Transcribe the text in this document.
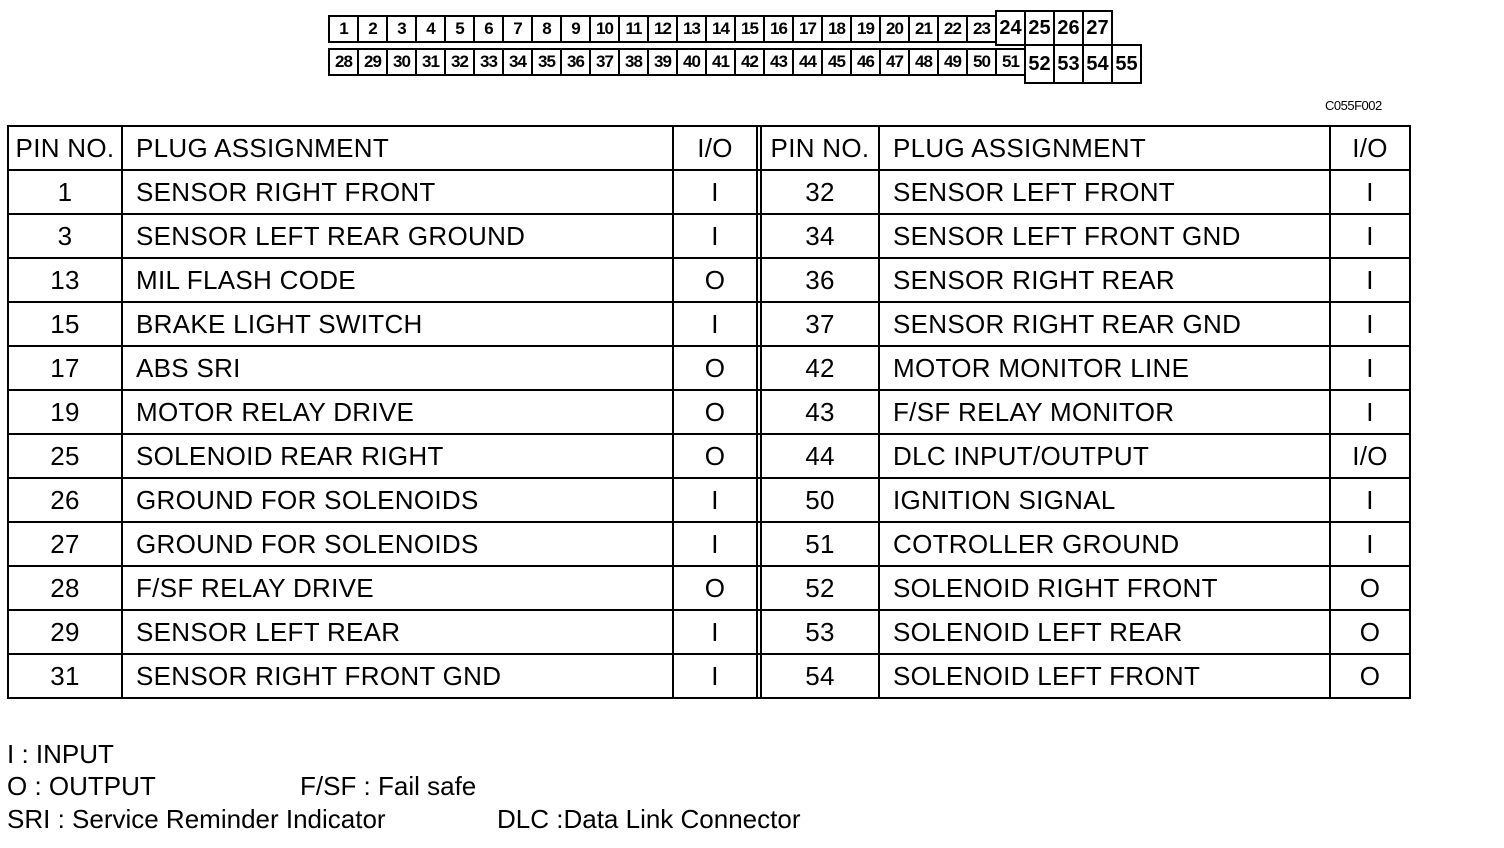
1	2	3	4	5	6	7	8	9 10 11 12 13 14 15 16 17 18 19 20 21 22 23 24 25 26 27
28 29 30 31 32 33 34 35 36 37 38 39 40 41 42 43 44 45 46 47 48 49 50 51 52 53 54 55
C055F002
PIN NO.	PLUG ASSIGNMENT	I/O		PIN NO.	PLUG ASSIGNMENT	I/O
1	SENSOR RIGHT FRONT	I		32	SENSOR LEFT FRONT	I
3	SENSOR LEFT REAR GROUND	I		34	SENSOR LEFT FRONT GND	I
13	MIL FLASH CODE	O		36	SENSOR RIGHT REAR	I
15	BRAKE LIGHT SWITCH	I		37	SENSOR RIGHT REAR GND	I
17	ABS SRI	O		42	MOTOR MONITOR LINE	I
19	MOTOR RELAY DRIVE	O		43	F/SF RELAY MONITOR	I
25	SOLENOID REAR RIGHT	O		44	DLC INPUT/OUTPUT	I/O
26	GROUND FOR SOLENOIDS	I		50	IGNITION SIGNAL	I
27	GROUND FOR SOLENOIDS	I		51	COTROLLER GROUND	I
28	F/SF RELAY DRIVE	O		52	SOLENOID RIGHT FRONT	O
29	SENSOR LEFT REAR	I		53	SOLENOID LEFT REAR	O
31	SENSOR RIGHT FRONT GND	I		54	SOLENOID LEFT FRONT	O
I : INPUT
O : OUTPUT	F/SF : Fail safe
SRI : Service Reminder Indicator	DLC :Data Link Connector
